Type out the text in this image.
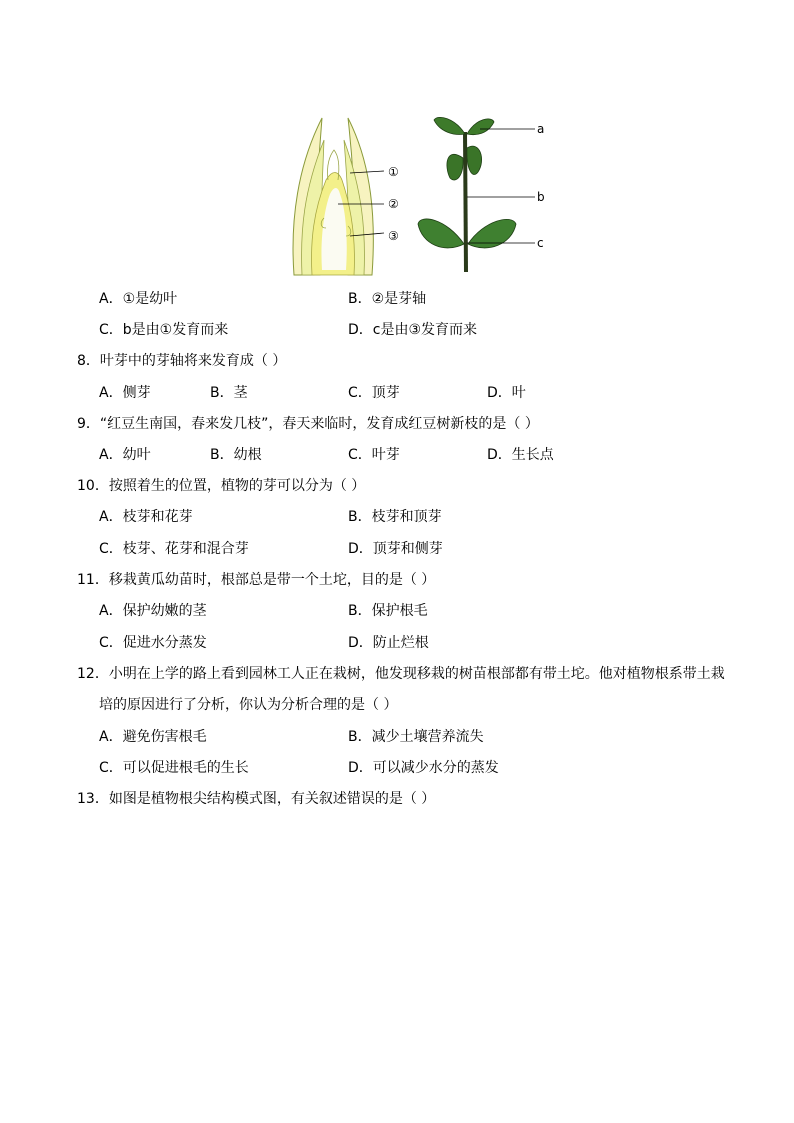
①
②
③
a
b
c
A．①是幼叶	B．②是芽轴
C．b是由①发育而来	D．c是由③发育而来
8．叶芽中的芽轴将来发育成（ ）
A．侧芽	B．茎	C．顶芽	D．叶
9．“红豆生南国，春来发几枝”，春天来临时，发育成红豆树新枝的是（ ）
A．幼叶	B．幼根	C．叶芽	D．生长点
10．按照着生的位置，植物的芽可以分为（ ）
A．枝芽和花芽	B．枝芽和顶芽
C．枝芽、花芽和混合芽	D．顶芽和侧芽
11．移栽黄瓜幼苗时，根部总是带一个土坨，目的是（ ）
A．保护幼嫩的茎	B．保护根毛
C．促进水分蒸发	D．防止烂根
12．小明在上学的路上看到园林工人正在栽树，他发现移栽的树苗根部都有带土坨。他对植物根系带土栽
培的原因进行了分析，你认为分析合理的是（ ）
A．避免伤害根毛	B．减少土壤营养流失
C．可以促进根毛的生长	D．可以减少水分的蒸发
13．如图是植物根尖结构模式图，有关叙述错误的是（ ）
